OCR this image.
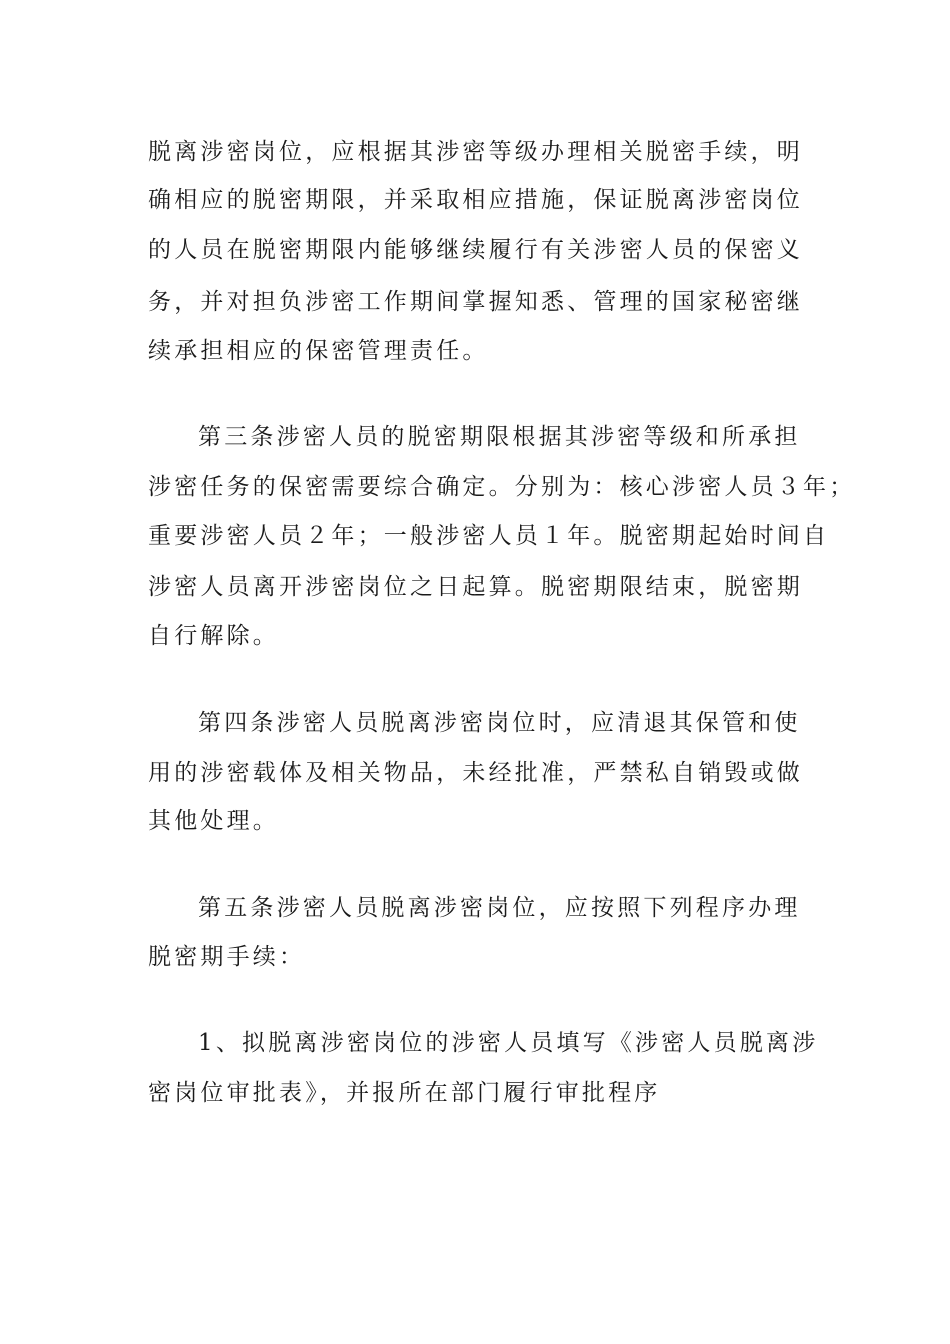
脱离涉密岗位，应根据其涉密等级办理相关脱密手续，明
确相应的脱密期限，并采取相应措施，保证脱离涉密岗位
的人员在脱密期限内能够继续履行有关涉密人员的保密义
务，并对担负涉密工作期间掌握知悉、管理的国家秘密继
续承担相应的保密管理责任。
第三条涉密人员的脱密期限根据其涉密等级和所承担
涉密任务的保密需要综合确定。分别为：核心涉密人员３年；
重要涉密人员２年；一般涉密人员１年。脱密期起始时间自
涉密人员离开涉密岗位之日起算。脱密期限结束，脱密期
自行解除。
第四条涉密人员脱离涉密岗位时，应清退其保管和使
用的涉密载体及相关物品，未经批准，严禁私自销毁或做
其他处理。
第五条涉密人员脱离涉密岗位，应按照下列程序办理
脱密期手续：
1、拟脱离涉密岗位的涉密人员填写《涉密人员脱离涉
密岗位审批表》，并报所在部门履行审批程序
